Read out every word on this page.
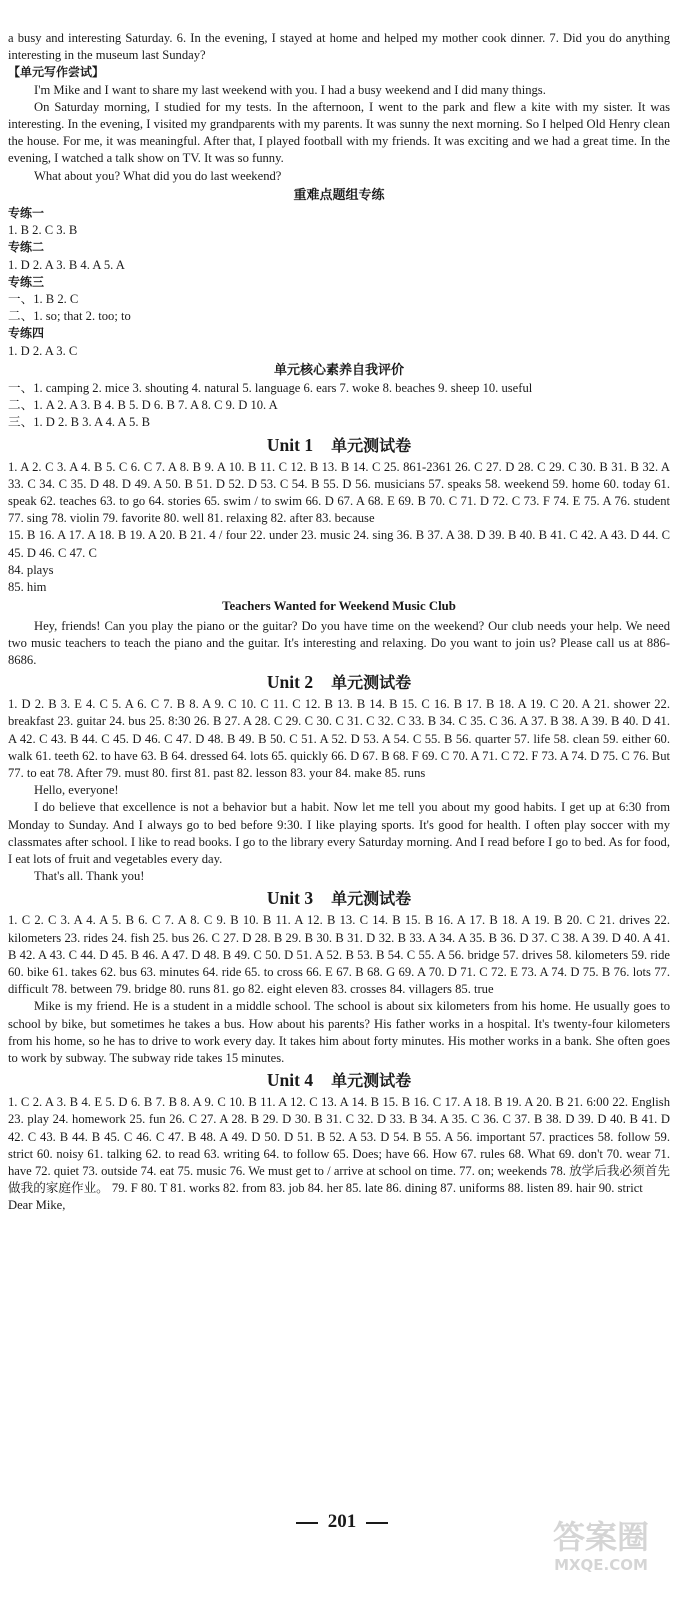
a busy and interesting Saturday. 6. In the evening, I stayed at home and helped my mother cook dinner. 7. Did you do anything interesting in the museum last Sunday?

【单元写作尝试】

I'm Mike and I want to share my last weekend with you. I had a busy weekend and I did many things.

On Saturday morning, I studied for my tests. In the afternoon, I went to the park and flew a kite with my sister. It was interesting. In the evening, I visited my grandparents with my parents. It was sunny the next morning. So I helped Old Henry clean the house. For me, it was meaningful. After that, I played football with my friends. It was exciting and we had a great time. In the evening, I watched a talk show on TV. It was so funny.

What about you? What did you do last weekend?

重难点题组专练

专练一

1. B 2. C 3. B

专练二

1. D 2. A 3. B 4. A 5. A

专练三

一、1. B 2. C

二、1. so; that 2. too; to

专练四

1. D 2. A 3. C

单元核心素养自我评价

一、1. camping 2. mice 3. shouting 4. natural 5. language 6. ears 7. woke 8. beaches 9. sheep 10. useful

二、1. A 2. A 3. B 4. B 5. D 6. B 7. A 8. C 9. D 10. A

三、1. D 2. B 3. A 4. A 5. B

Unit 1 单元测试卷

1. A 2. C 3. A 4. B 5. C 6. C 7. A 8. B 9. A 10. B 11. C 12. B 13. B 14. C 25. 861-2361 26. C 27. D 28. C 29. C 30. B 31. B 32. A 33. C 34. C 35. D 48. D 49. A 50. B 51. D 52. D 53. C 54. B 55. D 56. musicians 57. speaks 58. weekend 59. home 60. today 61. speak 62. teaches 63. to go 64. stories 65. swim / to swim 66. D 67. A 68. E 69. B 70. C 71. D 72. C 73. F 74. E 75. A 76. student 77. sing 78. violin 79. favorite 80. well 81. relaxing 82. after 83. because

15. B 16. A 17. A 18. B 19. A 20. B 21. 4 / four 22. under 23. music 24. sing 36. B 37. A 38. D 39. B 40. B 41. C 42. A 43. D 44. C 45. D 46. C 47. C

84. plays

85. him

Teachers Wanted for Weekend Music Club

Hey, friends! Can you play the piano or the guitar? Do you have time on the weekend? Our club needs your help. We need two music teachers to teach the piano and the guitar. It's interesting and relaxing. Do you want to join us? Please call us at 886-8686.

Unit 2 单元测试卷

1. D 2. B 3. E 4. C 5. A 6. C 7. B 8. A 9. C 10. C 11. C 12. B 13. B 14. B 15. C 16. B 17. B 18. A 19. C 20. A 21. shower 22. breakfast 23. guitar 24. bus 25. 8:30 26. B 27. A 28. C 29. C 30. C 31. C 32. C 33. B 34. C 35. C 36. A 37. B 38. A 39. B 40. D 41. A 42. C 43. B 44. C 45. D 46. C 47. D 48. B 49. B 50. C 51. A 52. D 53. A 54. C 55. B 56. quarter 57. life 58. clean 59. either 60. walk 61. teeth 62. to have 63. B 64. dressed 64. lots 65. quickly 66. D 67. B 68. F 69. C 70. A 71. C 72. F 73. A 74. D 75. C 76. But 77. to eat 78. After 79. must 80. first 81. past 82. lesson 83. your 84. make 85. runs

Hello, everyone!

I do believe that excellence is not a behavior but a habit. Now let me tell you about my good habits. I get up at 6:30 from Monday to Sunday. And I always go to bed before 9:30. I like playing sports. It's good for health. I often play soccer with my classmates after school. I like to read books. I go to the library every Saturday morning. And I read before I go to bed. As for food, I eat lots of fruit and vegetables every day.

That's all. Thank you!

Unit 3 单元测试卷

1. C 2. C 3. A 4. A 5. B 6. C 7. A 8. C 9. B 10. B 11. A 12. B 13. C 14. B 15. B 16. A 17. B 18. A 19. B 20. C 21. drives 22. kilometers 23. rides 24. fish 25. bus 26. C 27. D 28. B 29. B 30. B 31. D 32. B 33. A 34. A 35. B 36. D 37. C 38. A 39. D 40. A 41. B 42. A 43. C 44. D 45. B 46. A 47. D 48. B 49. C 50. D 51. A 52. B 53. B 54. C 55. A 56. bridge 57. drives 58. kilometers 59. ride 60. bike 61. takes 62. bus 63. minutes 64. ride 65. to cross 66. E 67. B 68. G 69. A 70. D 71. C 72. E 73. A 74. D 75. B 76. lots 77. difficult 78. between 79. bridge 80. runs 81. go 82. eight eleven 83. crosses 84. villagers 85. true

Mike is my friend. He is a student in a middle school. The school is about six kilometers from his home. He usually goes to school by bike, but sometimes he takes a bus. How about his parents? His father works in a hospital. It's twenty-four kilometers from his home, so he has to drive to work every day. It takes him about forty minutes. His mother works in a bank. She often goes to work by subway. The subway ride takes 15 minutes.

Unit 4 单元测试卷

1. C 2. A 3. B 4. E 5. D 6. B 7. B 8. A 9. C 10. B 11. A 12. C 13. A 14. B 15. B 16. C 17. A 18. B 19. A 20. B 21. 6:00 22. English 23. play 24. homework 25. fun 26. C 27. A 28. B 29. D 30. B 31. C 32. D 33. B 34. A 35. C 36. C 37. B 38. D 39. D 40. B 41. D 42. C 43. B 44. B 45. C 46. C 47. B 48. A 49. D 50. D 51. B 52. A 53. D 54. B 55. A 56. important 57. practices 58. follow 59. strict 60. noisy 61. talking 62. to read 63. writing 64. to follow 65. Does; have 66. How 67. rules 68. What 69. don't 70. wear 71. have 72. quiet 73. outside 74. eat 75. music 76. We must get to / arrive at school on time. 77. on; weekends 78. 放学后我必须首先做我的家庭作业。 79. F 80. T 81. works 82. from 83. job 84. her 85. late 86. dining 87. uniforms 88. listen 89. hair 90. strict

Dear Mike,

201	答案圈
MXQE.COM
